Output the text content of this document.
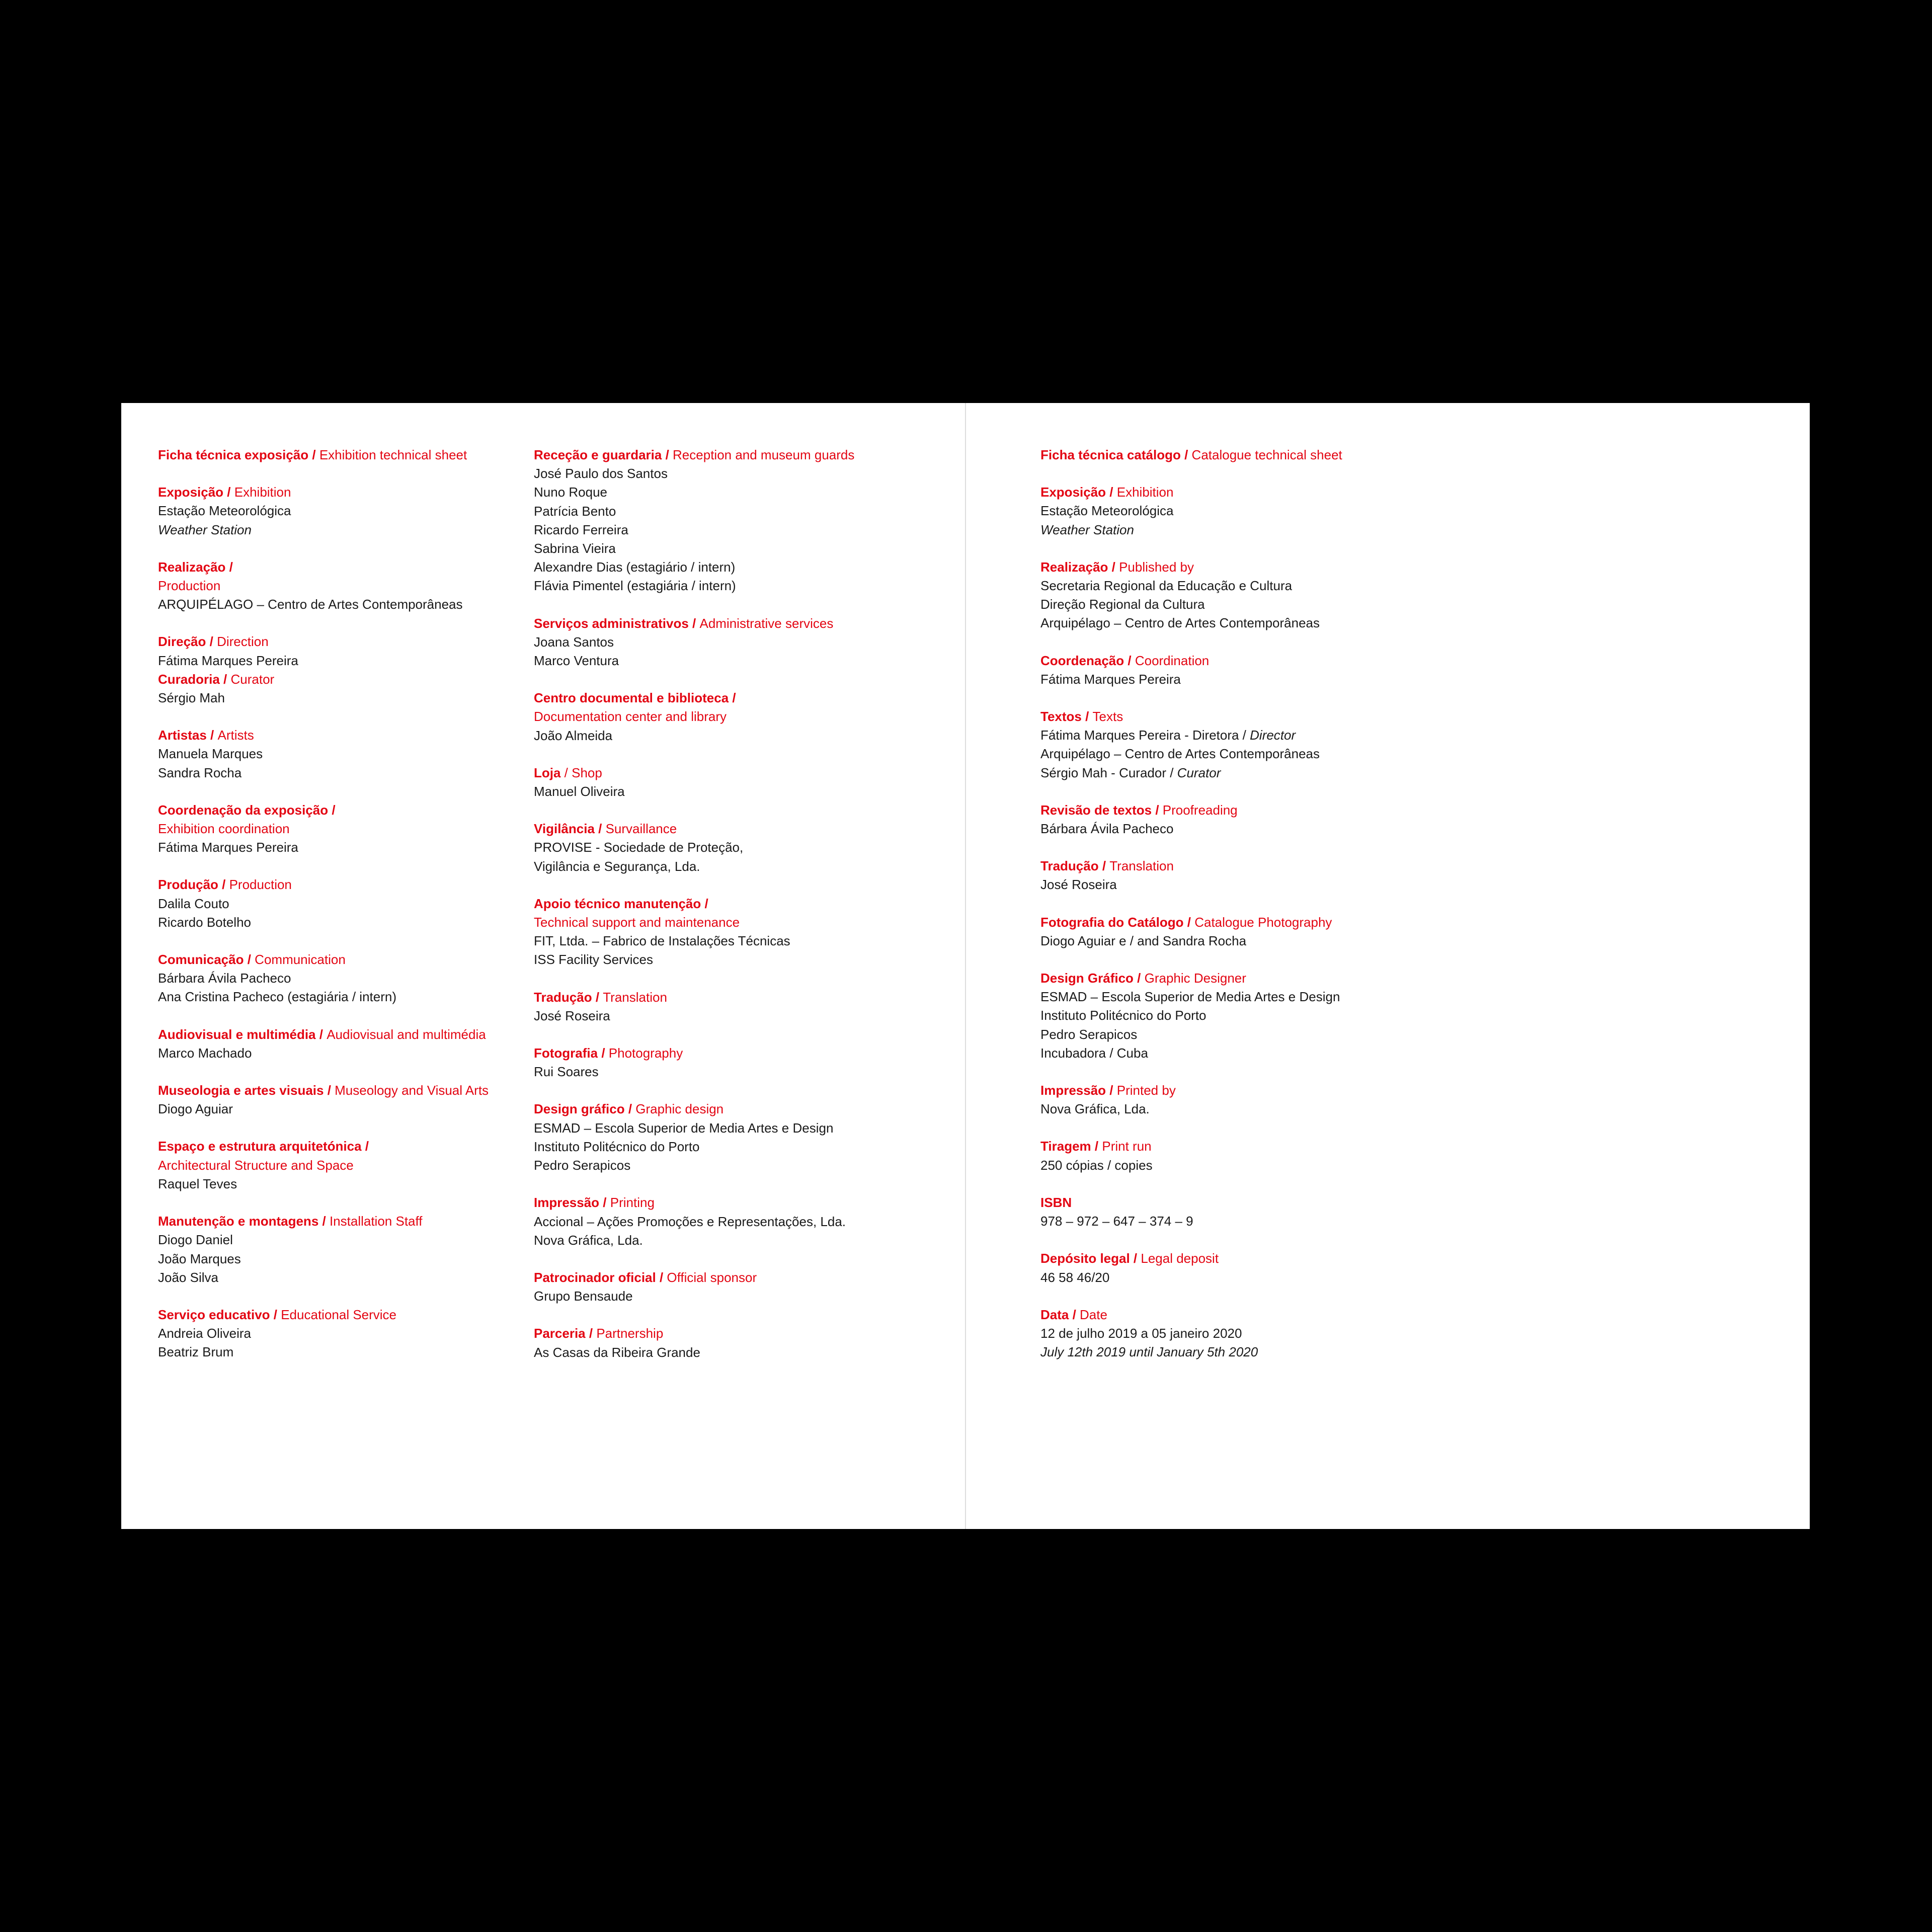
Ficha técnica exposição / Exhibition technical sheet
Exposição / Exhibition
Estação Meteorológica
Weather Station
Realização /
Production
ARQUIPÉLAGO – Centro de Artes Contemporâneas
Direção / Direction
Fátima Marques Pereira
Curadoria / Curator
Sérgio Mah
Artistas / Artists
Manuela Marques
Sandra Rocha
Coordenação da exposição /
Exhibition coordination
Fátima Marques Pereira
Produção / Production
Dalila Couto
Ricardo Botelho
Comunicação / Communication
Bárbara Ávila Pacheco
Ana Cristina Pacheco (estagiária / intern)
Audiovisual e multimédia / Audiovisual and multimédia
Marco Machado
Museologia e artes visuais / Museology and Visual Arts
Diogo Aguiar
Espaço e estrutura arquitetónica /
Architectural Structure and Space
Raquel Teves
Manutenção e montagens / Installation Staff
Diogo Daniel
João Marques
João Silva
Serviço educativo / Educational Service
Andreia Oliveira
Beatriz Brum
Receção e guardaria / Reception and museum guards
José Paulo dos Santos
Nuno Roque
Patrícia Bento
Ricardo Ferreira
Sabrina Vieira
Alexandre Dias (estagiário / intern)
Flávia Pimentel (estagiária / intern)
Serviços administrativos / Administrative services
Joana Santos
Marco Ventura
Centro documental e biblioteca /
Documentation center and library
João Almeida
Loja / Shop
Manuel Oliveira
Vigilância / Survaillance
PROVISE - Sociedade de Proteção,
Vigilância e Segurança, Lda.
Apoio técnico manutenção /
Technical support and maintenance
FIT, Ltda. – Fabrico de Instalações Técnicas
ISS Facility Services
Tradução / Translation
José Roseira
Fotografia / Photography
Rui Soares
Design gráfico / Graphic design
ESMAD – Escola Superior de Media Artes e Design
Instituto Politécnico do Porto
Pedro Serapicos
Impressão / Printing
Accional – Ações Promoções e Representações, Lda.
Nova Gráfica, Lda.
Patrocinador oficial / Official sponsor
Grupo Bensaude
Parceria / Partnership
As Casas da Ribeira Grande
Ficha técnica catálogo / Catalogue technical sheet
Exposição / Exhibition
Estação Meteorológica
Weather Station
Realização / Published by
Secretaria Regional da Educação e Cultura
Direção Regional da Cultura
Arquipélago – Centro de Artes Contemporâneas
Coordenação / Coordination
Fátima Marques Pereira
Textos / Texts
Fátima Marques Pereira - Diretora / Director
Arquipélago – Centro de Artes Contemporâneas
Sérgio Mah - Curador / Curator
Revisão de textos / Proofreading
Bárbara Ávila Pacheco
Tradução / Translation
José Roseira
Fotografia do Catálogo / Catalogue Photography
Diogo Aguiar e / and Sandra Rocha
Design Gráfico / Graphic Designer
ESMAD – Escola Superior de Media Artes e Design
Instituto Politécnico do Porto
Pedro Serapicos
Incubadora / Cuba
Impressão / Printed by
Nova Gráfica, Lda.
Tiragem / Print run
250 cópias / copies
ISBN
978 – 972 – 647 – 374 – 9
Depósito legal / Legal deposit
46 58 46/20
Data / Date
12 de julho 2019 a 05 janeiro 2020
July 12th 2019 until January 5th 2020
